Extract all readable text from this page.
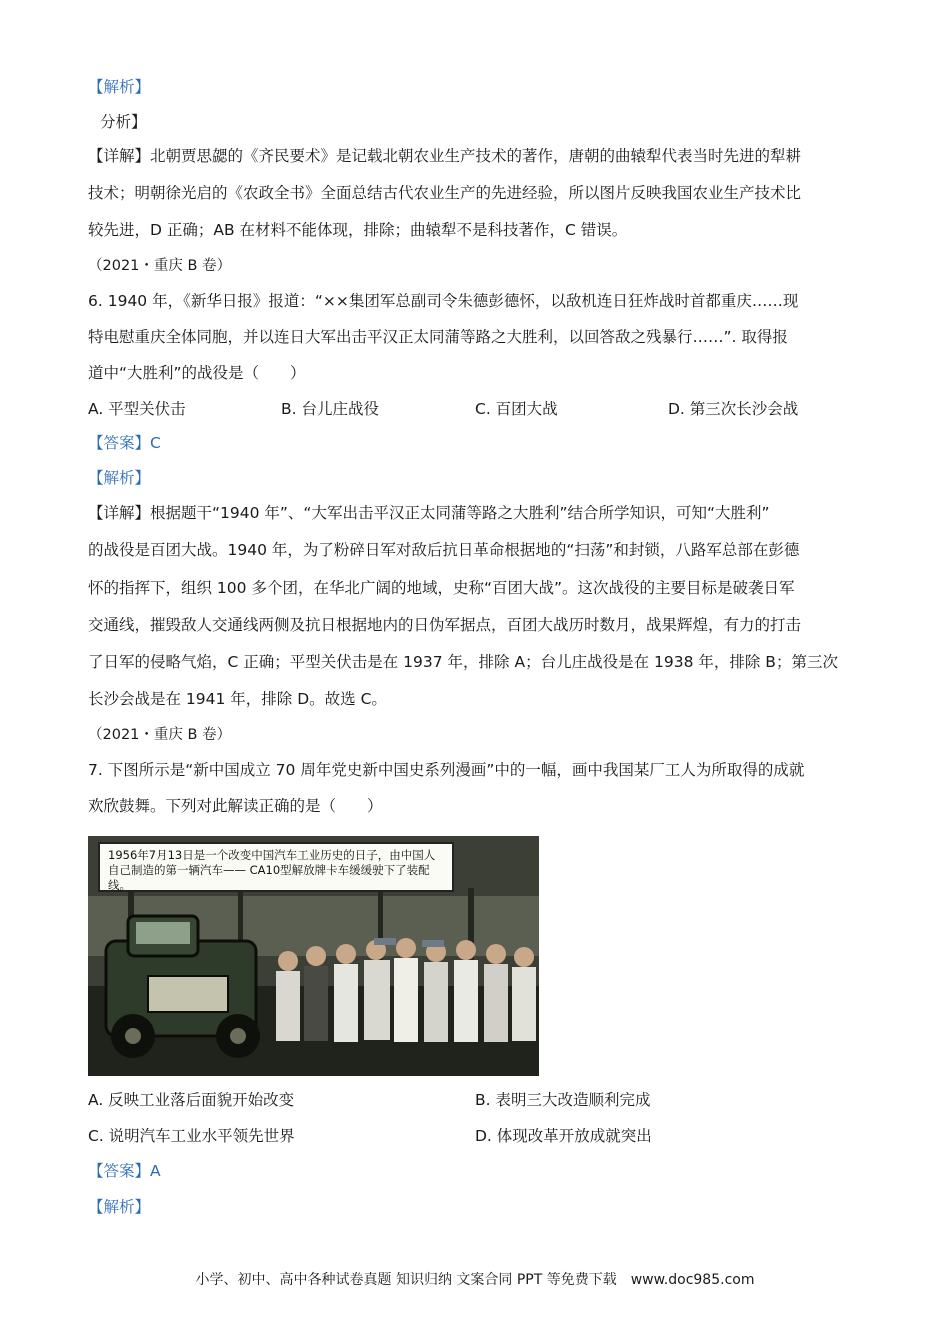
【解析】
分析】
【详解】北朝贾思勰的《齐民要术》是记载北朝农业生产技术的著作，唐朝的曲辕犁代表当时先进的犁耕
技术；明朝徐光启的《农政全书》全面总结古代农业生产的先进经验，所以图片反映我国农业生产技术比
较先进，D 正确；AB 在材料不能体现，排除；曲辕犁不是科技著作，C 错误。
（2021・重庆 B 卷）
6. 1940 年，《新华日报》报道：“××集团军总副司令朱德彭德怀，以敌机连日狂炸战时首都重庆……现
特电慰重庆全体同胞，并以连日大军出击平汉正太同蒲等路之大胜利，以回答敌之残暴行……”. 取得报
道中“大胜利”的战役是（　　）
A. 平型关伏击	B. 台儿庄战役	C. 百团大战	D. 第三次长沙会战
【答案】C
【解析】
【详解】根据题干“1940 年”、“大军出击平汉正太同蒲等路之大胜利”结合所学知识，可知“大胜利”
的战役是百团大战。1940 年，为了粉碎日军对敌后抗日革命根据地的“扫荡”和封锁，八路军总部在彭德
怀的指挥下，组织 100 多个团，在华北广阔的地域，史称“百团大战”。这次战役的主要目标是破袭日军
交通线，摧毁敌人交通线两侧及抗日根据地内的日伪军据点，百团大战历时数月，战果辉煌，有力的打击
了日军的侵略气焰，C 正确；平型关伏击是在 1937 年，排除 A；台儿庄战役是在 1938 年，排除 B；第三次
长沙会战是在 1941 年，排除 D。故选 C。
（2021・重庆 B 卷）
7. 下图所示是“新中国成立 70 周年党史新中国史系列漫画”中的一幅，画中我国某厂工人为所取得的成就
欢欣鼓舞。下列对此解读正确的是（　　）
1956年7月13日是一个改变中国汽车工业历史的日子，由中国人自己制造的第一辆汽车—— CA10型解放牌卡车缓缓驶下了装配线。
A. 反映工业落后面貌开始改变	B. 表明三大改造顺利完成
C. 说明汽车工业水平领先世界	D. 体现改革开放成就突出
【答案】A
【解析】
小学、初中、高中各种试卷真题 知识归纳 文案合同 PPT 等免费下载　www.doc985.com
